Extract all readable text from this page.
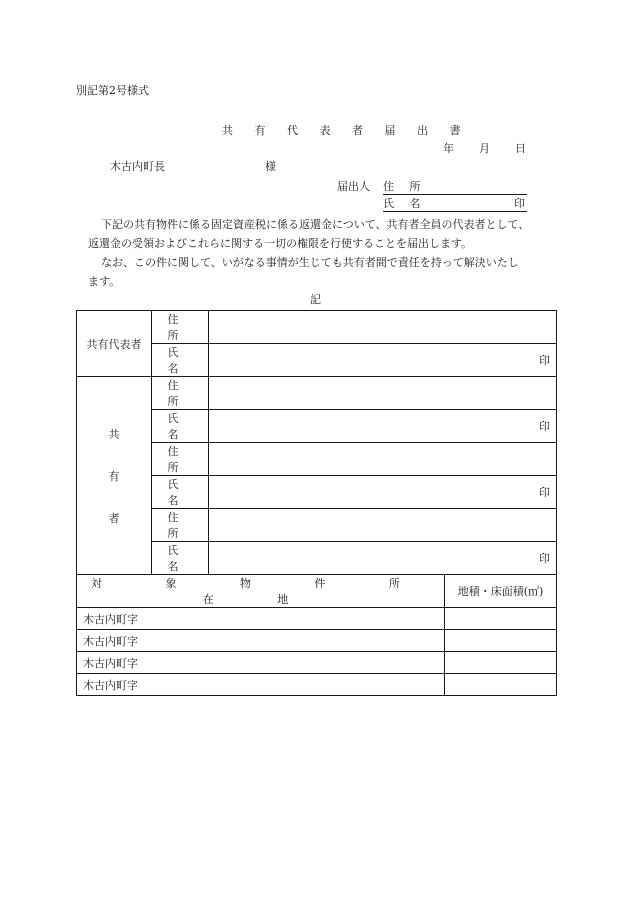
別記第2号様式
共 有 代 表 者 届 出 書
年 月 日
木古内町長	様
届出人 住 所
氏 名	印
下記の共有物件に係る固定資産税に係る返還金について、共有者全員の代表者として、
返還金の受領およびこれらに関する一切の権限を行使することを届出します。
なお、この件に関して、いがなる事情が生じても共有者間で責任を持って解決いたし
ます。
記
共有代表者	住 所		
	氏 名	印	

共
有
者	住 所		
	氏 名	印	
	住 所		
	氏 名	印	
	住 所		
	氏 名	印	
対 象 物 件 所 在 地			地積・床面積(㎡)
木古内町字			
木古内町字			
木古内町字			
木古内町字			
